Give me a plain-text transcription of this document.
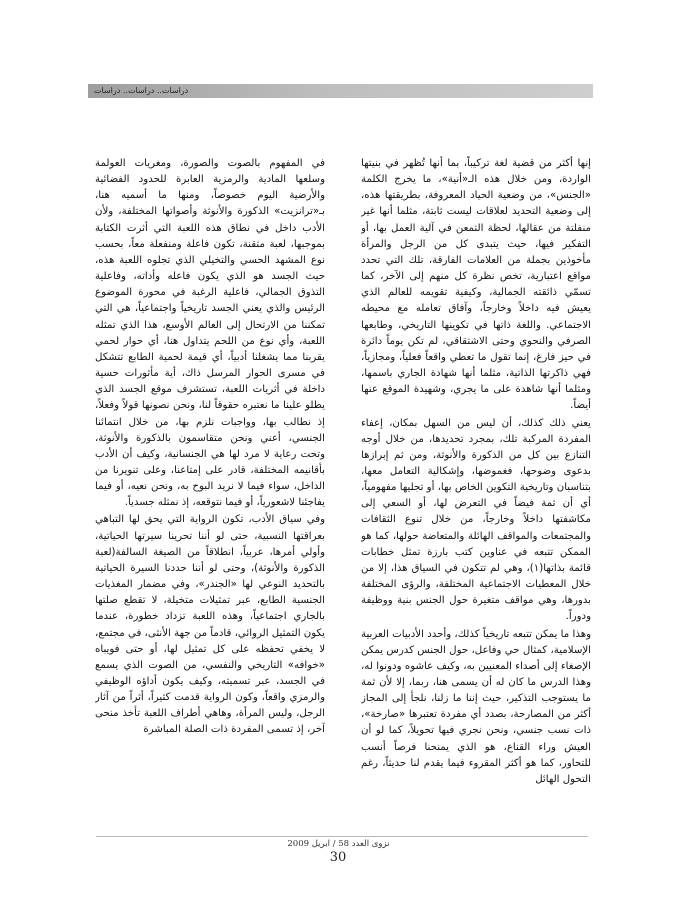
دراسات.. دراسات.. دراسات

إنها أكثر من قضية لغة تركيباً، بما أنها تُظهر في بنيتها الواردة، ومن خلال هذه الـ«أنية»، ما يخرج الكلمة «الجنس»، من وضعية الحياد المعروفة، بطريقتها هذه، إلى وضعية التحديد لعلاقات ليست ثابتة، مثلما أنها غير منفلتة من عقالها، لحظة التمعن في آلية العمل بها، أو التفكير فيها، حيث يتبدى كل من الرجل والمرأة مأخوذين بجملة من العلامات الفارقة، تلك التي تحدد مواقع اعتبارية، تخص نظرة كل منهم إلى الآخر، كما تسمّي ذائقته الجمالية، وكيفية تقويمه للعالم الذي يعيش فيه داخلاً وخارجاً، وآفاق تعامله مع محيطه الاجتماعي. واللغة ذاتها في تكوينها التاريخي، وطابعها الصرفي والنحوي وحتى الاشتقاقي، لم تكن يوماً دائرة في حيز فارغ، إنما تقول ما تعطي واقعاً فعلياً، ومجازياً، فهي ذاكرتها الذاتية، مثلما أنها شهادة الجاري باسمها، ومثلما أنها شاهدة على ما يجري، وشهيدة الموقع عنها أيضاً.

يعني ذلك كذلك، أن ليس من السهل بمكان، إعفاء المفردة المركبة تلك، بمجرد تحديدها، من خلال أوجه التنازع بين كل من الذكورة والأنوثة، ومن ثم إبرازها بدعوى وضوحها، فغموضها، وإشكالية التعامل معها، بتناسبان وتاريخية التكوين الخاص بها، أو تجليها مفهومياً، أي أن ثمة فيضاً في التعرض لها، أو السعي إلى مكاشفتها داخلاً وخارجاً، من خلال تنوع الثقافات والمجتمعات والمواقف الهائلة والمتعاضة حولها، كما هو الممكن تتبعه في عناوين كتب بارزة تمثل خطابات قائمة بذاتها(١)، وهي لم تتكون في السياق هذا، إلا من خلال المعطيات الاجتماعية المختلفة، والرؤى المختلفة بدورها، وهي مواقف متغيرة حول الجنس بنية ووظيفة ودوراً.

وهذا ما يمكن تتبعه تاريخياً كذلك، وأحدد الأدبيات العربية الإسلامية، كمثال حي وفاعل، حول الجنس كدرس يمكن الإصغاء إلى أصداء المعنيين به، وكيف عاشوه ودونوا له، وهذا الدرس ما كان له أن يسمى هنا، ربما، إلا لأن ثمة ما يستوجب التذكير، حيث إننا ما زلنا، نلجأ إلى المجاز أكثر من المصارحة، بصدد أي مفردة تعتبرها «صارخة»، ذات نسب جنسي، ونحن نجري فيها تحويلاً، كما لو أن العيش وراء القناع، هو الذي يمنحنا فرصاً أنسب للتحاور، كما هو أكثر المقروء فيما يقدم لنا حديثاً، رغم التحول الهائل

في المفهوم بالصوت والصورة، ومغريات العولمة وسلعها المادية والرمزية العابرة للحدود الفضائية والأرضية اليوم خصوصاً، ومنها ما أسميه هنا، بـ«ترانزيت» الذكورة والأنوثة وأصواتها المختلفة، ولأن الأدب داخل في نطاق هذه اللعبة التي أثرت الكتابة بموجبها، لعبة متقنة، تكون فاعلة ومنفعلة معاً، بحسب نوع المشهد الحسي والتخيلي الذي تجلوه اللعبة هذه، حيث الجسد هو الذي يكون فاعله وأداته، وفاعلية التذوق الجمالي، فاعلية الرغبة في محورة الموضوع الرئيس والذي يعني الجسد تاريخياً واجتماعياً، هي التي تمكننا من الارتحال إلى العالم الأوسع، هذا الذي تمثله اللعبة، وأي نوع من اللحم يتداول هنا، أي حوار لحمي يقربنا مما يشغلنا أدبياً، أي قيمة لحمية الطابع تتشكل في مسرى الحوار المرسل ذاك، أية مأثورات حسية داخلة في أثريات اللعبة، تستشرف موقع الجسد الذي يطلو علينا ما نعتبره حقوقاً لنا، ونحن نصونها قولاً وفعلاً، إذ نطالب بها، وواجبات نلزم بها، من خلال انتمائنا الجنسي، أعني ونحن متقاسمون بالذكورة والأنوثة، وتحت رعاية لا مرد لها هي الجنسانية، وكيف أن الأدب بأقانيمه المختلفة، قادر على إمتاعنا، وعلى تنويرنا من الداخل، سواء فيما لا نريد البوح به، ونحن نعيه، أو فيما يفاجئنا لاشعورياً، أو فيما نتوقعه، إذ نمثله جسدياً.

وفي سياق الأدب، تكون الرواية التي يحق لها التباهي بعراقتها النسبية، حتى لو أننا تحرينا سيرتها الحياتية، وأولي أمرها، عربياً، انطلاقاً من الصيغة السالفة(لعبة الذكورة والأنوثة)، وحتى لو أننا حددنا السيرة الحياتية بالتحديد النوعي لها «الجندر»، وفي مضمار المغذيات الجنسية الطابع، عبر تمثيلات متخيلة، لا تقطع صلتها بالجاري اجتماعياً، وهذه اللعبة تزداد خطورة، عندما يكون التمثيل الروائي، قادماً من جهة الأنثى، في مجتمع، لا يخفي تحفظه على كل تمثيل لها، أو حتى فويباه «خوافه» التاريخي والنفسي، من الصوت الذي يسمع في الجسد، عبر تسميته، وكيف يكون أداؤه الوظيفي والرمزي واقعاً، وكون الرواية قدمت كثيراً، أثراً من آثار الرجل، وليس المرأة، وهاهي أطراف اللعبة تأخذ منحى آخر، إذ تسمى المفردة ذات الصلة المباشرة

نزوى العدد 58 / ابريل 2009
30
